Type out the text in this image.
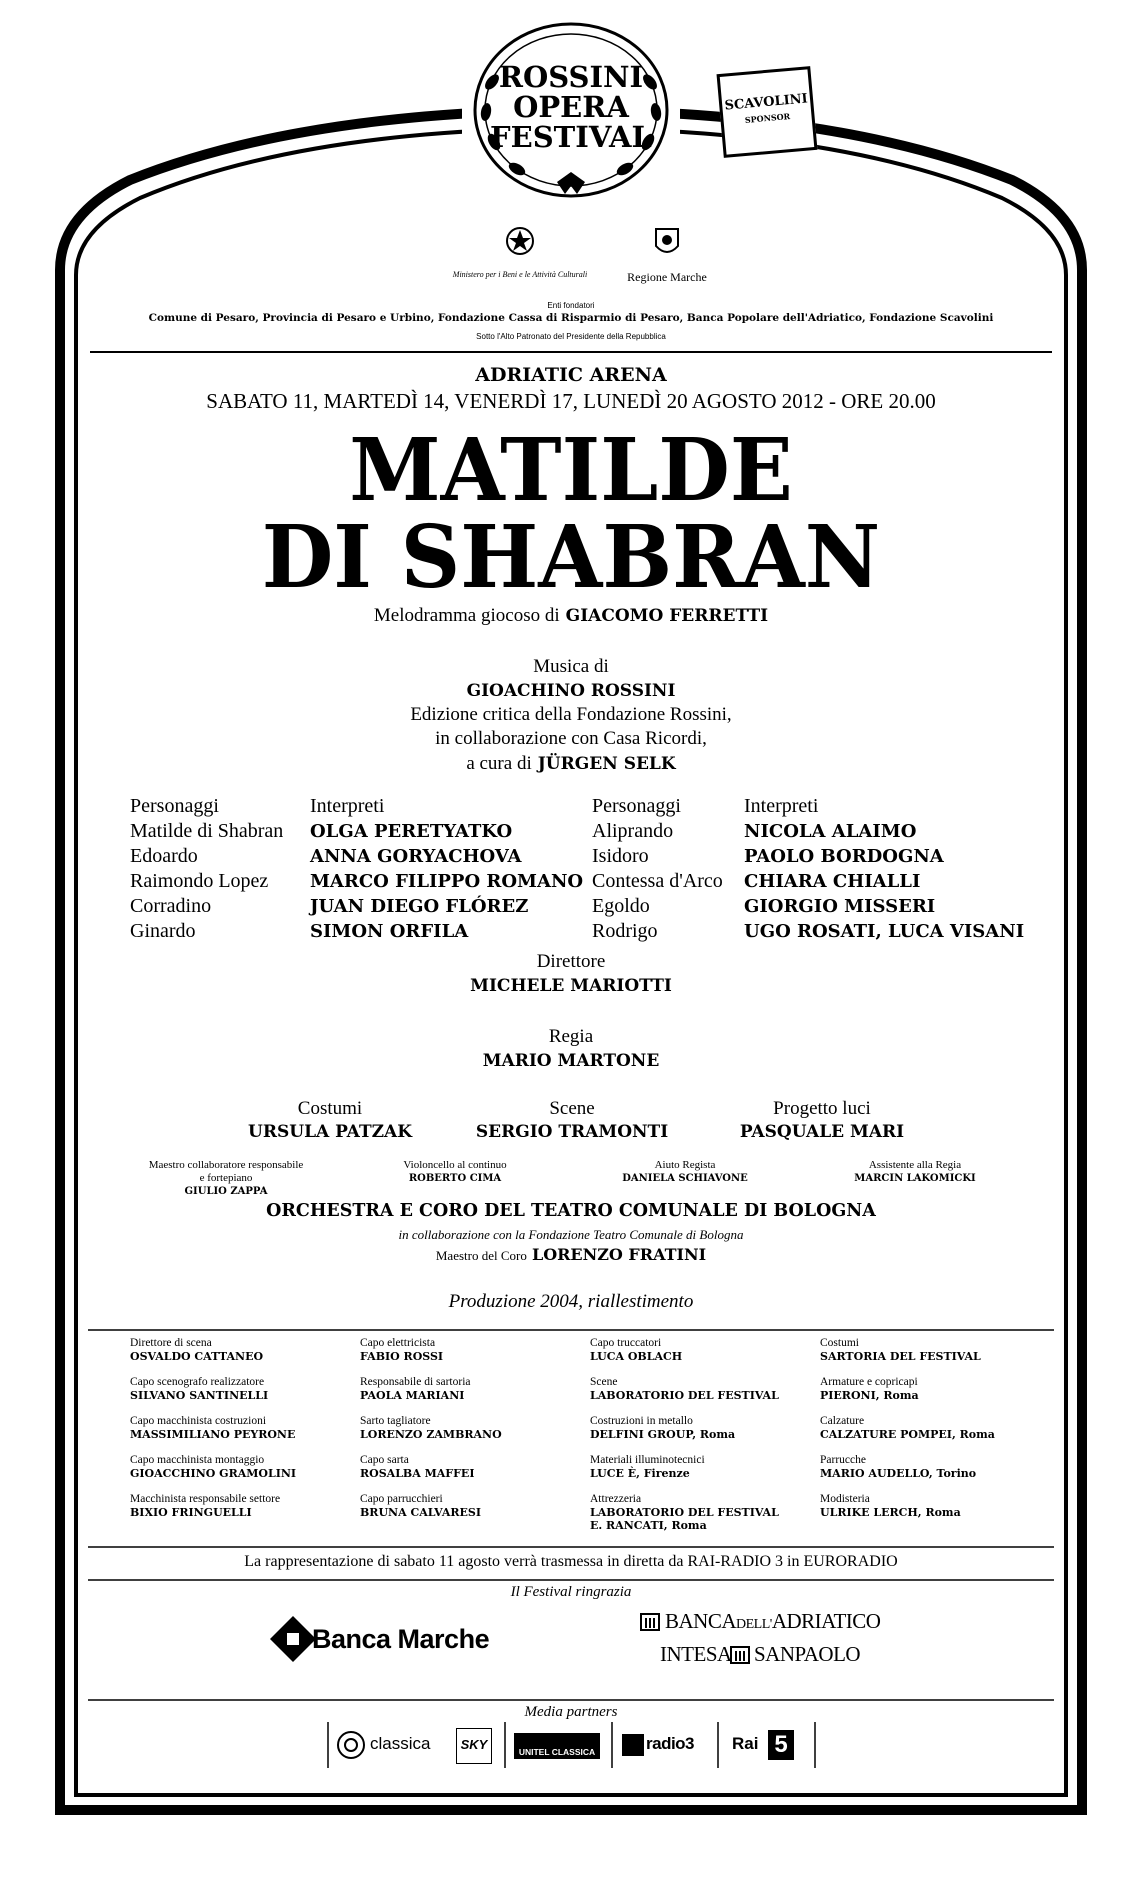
ROSSINI
OPERA
FESTIVAL
SCAVOLINI
SPONSOR
Ministero per i Beni e le Attività Culturali	Regione Marche
Enti fondatori
Comune di Pesaro, Provincia di Pesaro e Urbino, Fondazione Cassa di Risparmio di Pesaro, Banca Popolare dell'Adriatico, Fondazione Scavolini
Sotto l'Alto Patronato del Presidente della Repubblica
ADRIATIC ARENA
SABATO 11, MARTEDÌ 14, VENERDÌ 17, LUNEDÌ 20 AGOSTO 2012 - ORE 20.00
MATILDE
DI SHABRAN
Melodramma giocoso di GIACOMO FERRETTI
Musica di
GIOACHINO ROSSINI
Edizione critica della Fondazione Rossini,
in collaborazione con Casa Ricordi,
a cura di JÜRGEN SELK
Personaggi	Interpreti
Matilde di Shabran	OLGA PERETYATKO
Edoardo	ANNA GORYACHOVA
Raimondo Lopez	MARCO FILIPPO ROMANO
Corradino	JUAN DIEGO FLÓREZ
Ginardo	SIMON ORFILA
Personaggi	Interpreti
Aliprando	NICOLA ALAIMO
Isidoro	PAOLO BORDOGNA
Contessa d'Arco	CHIARA CHIALLI
Egoldo	GIORGIO MISSERI
Rodrigo	UGO ROSATI, LUCA VISANI
Direttore
MICHELE MARIOTTI
Regia
MARIO MARTONE
Costumi
URSULA PATZAK
Scene
SERGIO TRAMONTI
Progetto luci
PASQUALE MARI
Maestro collaboratore responsabile e fortepiano
GIULIO ZAPPA
Violoncello al continuo
ROBERTO CIMA
Aiuto Regista
DANIELA SCHIAVONE
Assistente alla Regia
MARCIN LAKOMICKI
ORCHESTRA E CORO DEL TEATRO COMUNALE DI BOLOGNA
in collaborazione con la Fondazione Teatro Comunale di Bologna
Maestro del Coro LORENZO FRATINI
Produzione 2004, riallestimento
Direttore di scena
OSVALDO CATTANEO
Capo scenografo realizzatore
SILVANO SANTINELLI
Capo macchinista costruzioni
MASSIMILIANO PEYRONE
Capo macchinista montaggio
GIOACCHINO GRAMOLINI
Macchinista responsabile settore
BIXIO FRINGUELLI
Capo elettricista
FABIO ROSSI
Responsabile di sartoria
PAOLA MARIANI
Sarto tagliatore
LORENZO ZAMBRANO
Capo sarta
ROSALBA MAFFEI
Capo parrucchieri
BRUNA CALVARESI
Capo truccatori
LUCA OBLACH
Scene
LABORATORIO DEL FESTIVAL
Costruzioni in metallo
DELFINI GROUP, Roma
Materiali illuminotecnici
LUCE È, Firenze
Attrezzeria
LABORATORIO DEL FESTIVAL
E. RANCATI, Roma
Costumi
SARTORIA DEL FESTIVAL
Armature e copricapi
PIERONI, Roma
Calzature
CALZATURE POMPEI, Roma
Parrucche
MARIO AUDELLO, Torino
Modisteria
ULRIKE LERCH, Roma
La rappresentazione di sabato 11 agosto verrà trasmessa in diretta da RAI-RADIO 3 in EURORADIO
Il Festival ringrazia
Banca Marche
BANCADELL'ADRIATICO
INTESA SANPAOLO
Media partners
classica SKY	UNITEL CLASSICA	radio3 Rai 5
